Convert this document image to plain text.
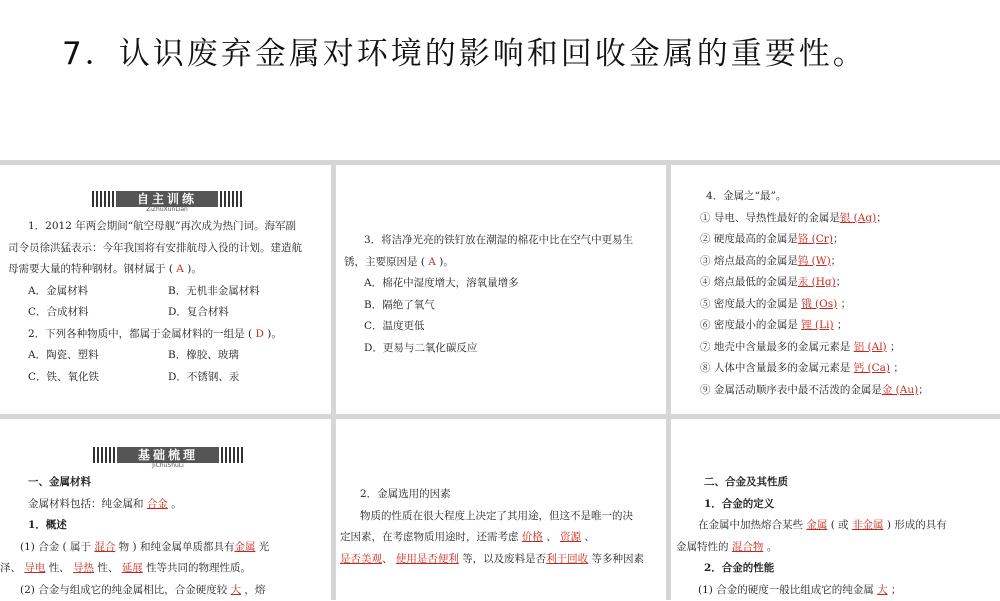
7．认识废弃金属对环境的影响和回收金属的重要性。
自主训练
ZiZhuXunLian
1．2012 年两会期间“航空母舰”再次成为热门词。海军副
司令员徐洪猛表示：今年我国将有安排航母入役的计划。建造航
母需要大量的特种钢材。钢材属于 ( A )。
A．金属材料	B．无机非金属材料
C．合成材料	D．复合材料
2．下列各种物质中，都属于金属材料的一组是 ( D )。
A．陶瓷、塑料	B．橡胶、玻璃
C．铁、氧化铁	D．不锈钢、汞
3．将洁净光亮的铁钉放在潮湿的棉花中比在空气中更易生
锈，主要原因是 ( A )。
A．棉花中湿度增大，溶氧量增多
B．隔绝了氧气
C．温度更低
D．更易与二氧化碳反应
4．金属之“最”。
① 导电、导热性最好的金属是银 (Ag)；
② 硬度最高的金属是铬 (Cr)；
③ 熔点最高的金属是钨 (W)；
④ 熔点最低的金属是汞 (Hg)；
⑤ 密度最大的金属是 锇 (Os) ；
⑥ 密度最小的金属是 锂 (Li) ；
⑦ 地壳中含量最多的金属元素是 铝 (Al) ；
⑧ 人体中含量最多的金属元素是 钙 (Ca) ；
⑨ 金属活动顺序表中最不活泼的金属是金 (Au)；
基础梳理
JiChuShuLi
一、金属材料
金属材料包括：纯金属和 合金 。
1．概述
(1) 合金 ( 属于 混合 物 ) 和纯金属单质都具有金属 光
泽、 导电 性、 导热 性、 延展 性等共同的物理性质。
(2) 合金与组成它的纯金属相比，合金硬度较 大 ，熔
2．金属选用的因素
物质的性质在很大程度上决定了其用途，但这不是唯一的决
定因素，在考虑物质用途时，还需考虑 价格 、 资源 、
是否美观、 使用是否便利 等，以及废料是否利于回收 等多种因素
二、合金及其性质
1．合金的定义
在金属中加热熔合某些 金属 ( 或 非金属 ) 形成的具有
金属特性的 混合物 。
2．合金的性能
(1) 合金的硬度一般比组成它的纯金属 大 ；
